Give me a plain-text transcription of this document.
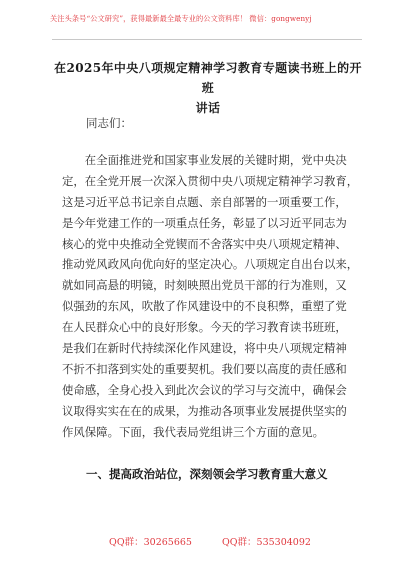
关注头条号“公文研究”，获得最新最全最专业的公文资料库！ 微信：gongwenyj
在2025年中央八项规定精神学习教育专题读书班上的开班
讲话
同志们：
　　在全面推进党和国家事业发展的关键时期，党中央决
定，在全党开展一次深入贯彻中央八项规定精神学习教育，
这是习近平总书记亲自点题、亲自部署的一项重要工作，
是今年党建工作的一项重点任务，彰显了以习近平同志为
核心的党中央推动全党锲而不舍落实中央八项规定精神、
推动党风政风向优向好的坚定决心。八项规定自出台以来，
就如同高悬的明镜，时刻映照出党员干部的行为准则，又
似强劲的东风，吹散了作风建设中的不良积弊，重塑了党
在人民群众心中的良好形象。今天的学习教育读书班班，
是我们在新时代持续深化作风建设，将中央八项规定精神
不折不扣落到实处的重要契机。我们要以高度的责任感和
使命感，全身心投入到此次会议的学习与交流中，确保会
议取得实实在在的成果，为推动各项事业发展提供坚实的
作风保障。下面，我代表局党组讲三个方面的意见。
一、提高政治站位，深刻领会学习教育重大意义
QQ群：30265665	QQ群：535304092
